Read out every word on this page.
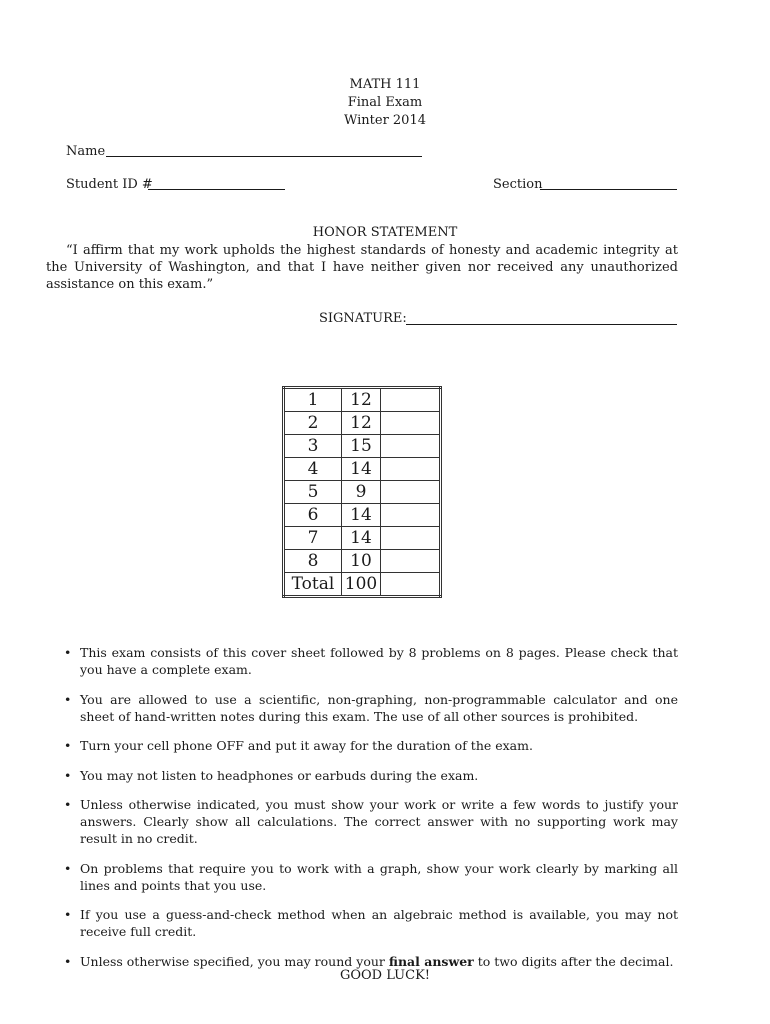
MATH 111
Final Exam
Winter 2014
Name
Student ID #	Section
HONOR STATEMENT
“I affirm that my work upholds the highest standards of honesty and academic integrity at the University of Washington, and that I have neither given nor received any unauthorized assistance on this exam.”
SIGNATURE:
1	12	
2	12	
3	15	
4	14	
5	9	
6	14	
7	14	
8	10	
Total	100	
• This exam consists of this cover sheet followed by 8 problems on 8 pages. Please check that you have a complete exam.
• You are allowed to use a scientific, non-graphing, non-programmable calculator and one sheet of hand-written notes during this exam. The use of all other sources is prohibited.
• Turn your cell phone OFF and put it away for the duration of the exam.
• You may not listen to headphones or earbuds during the exam.
• Unless otherwise indicated, you must show your work or write a few words to justify your answers. Clearly show all calculations. The correct answer with no supporting work may result in no credit.
• On problems that require you to work with a graph, show your work clearly by marking all lines and points that you use.
• If you use a guess-and-check method when an algebraic method is available, you may not receive full credit.
• Unless otherwise specified, you may round your final answer to two digits after the decimal.
GOOD LUCK!
